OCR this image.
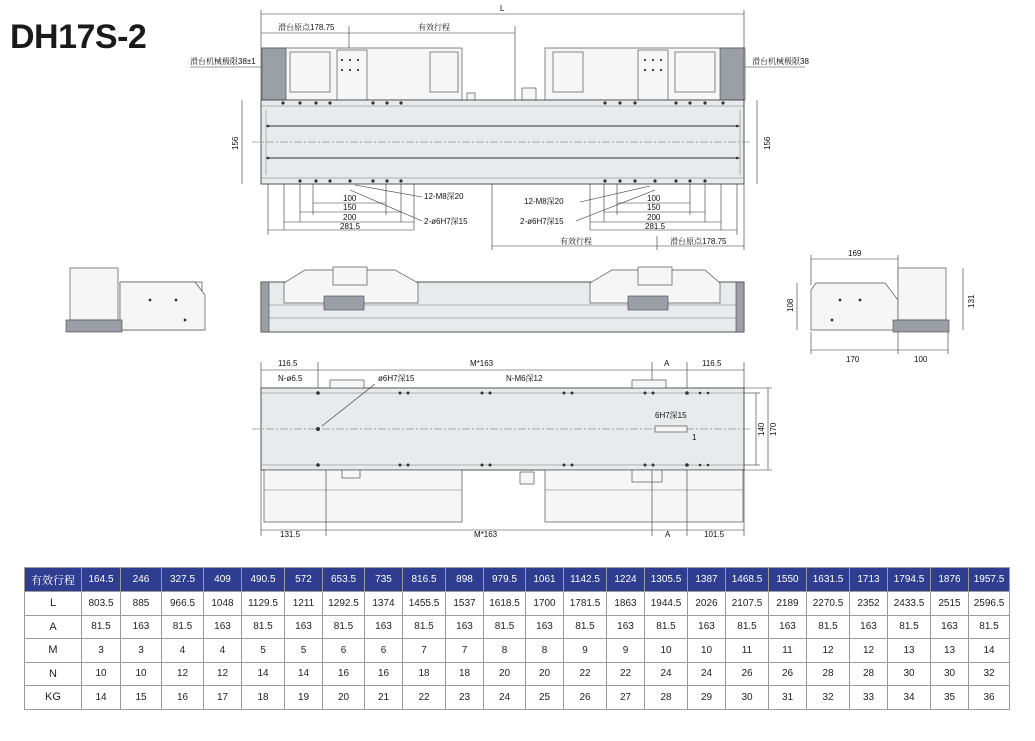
DH17S-2
L
滑台原点178.75	有效行程
滑台机械极限38±1	滑台机械极限38
156	156
100
150
200
281.5
12-M8深20
2-ø6H7深15
100
150
200
281.5
12-M8深20
2-ø6H7深15
有效行程	滑台原点178.75
169
108	131
170	100
116.5	M*163	A	116.5
N-ø6.5	ø6H7深15	N-M6深12
6H7深15
1
140 170
131.5	M*163	A	101.5
有效行程	164.5	246	327.5	409	490.5	572	653.5	735	816.5	898	979.5	1061	1142.5	1224	1305.5	1387	1468.5	1550	1631.5	1713	1794.5	1876	1957.5
L	803.5	885	966.5	1048	1129.5	1211	1292.5	1374	1455.5	1537	1618.5	1700	1781.5	1863	1944.5	2026	2107.5	2189	2270.5	2352	2433.5	2515	2596.5
A	81.5	163	81.5	163	81.5	163	81.5	163	81.5	163	81.5	163	81.5	163	81.5	163	81.5	163	81.5	163	81.5	163	81.5
M	3	3	4	4	5	5	6	6	7	7	8	8	9	9	10	10	11	11	12	12	13	13	14
N	10	10	12	12	14	14	16	16	18	18	20	20	22	22	24	24	26	26	28	28	30	30	32
KG	14	15	16	17	18	19	20	21	22	23	24	25	26	27	28	29	30	31	32	33	34	35	36
